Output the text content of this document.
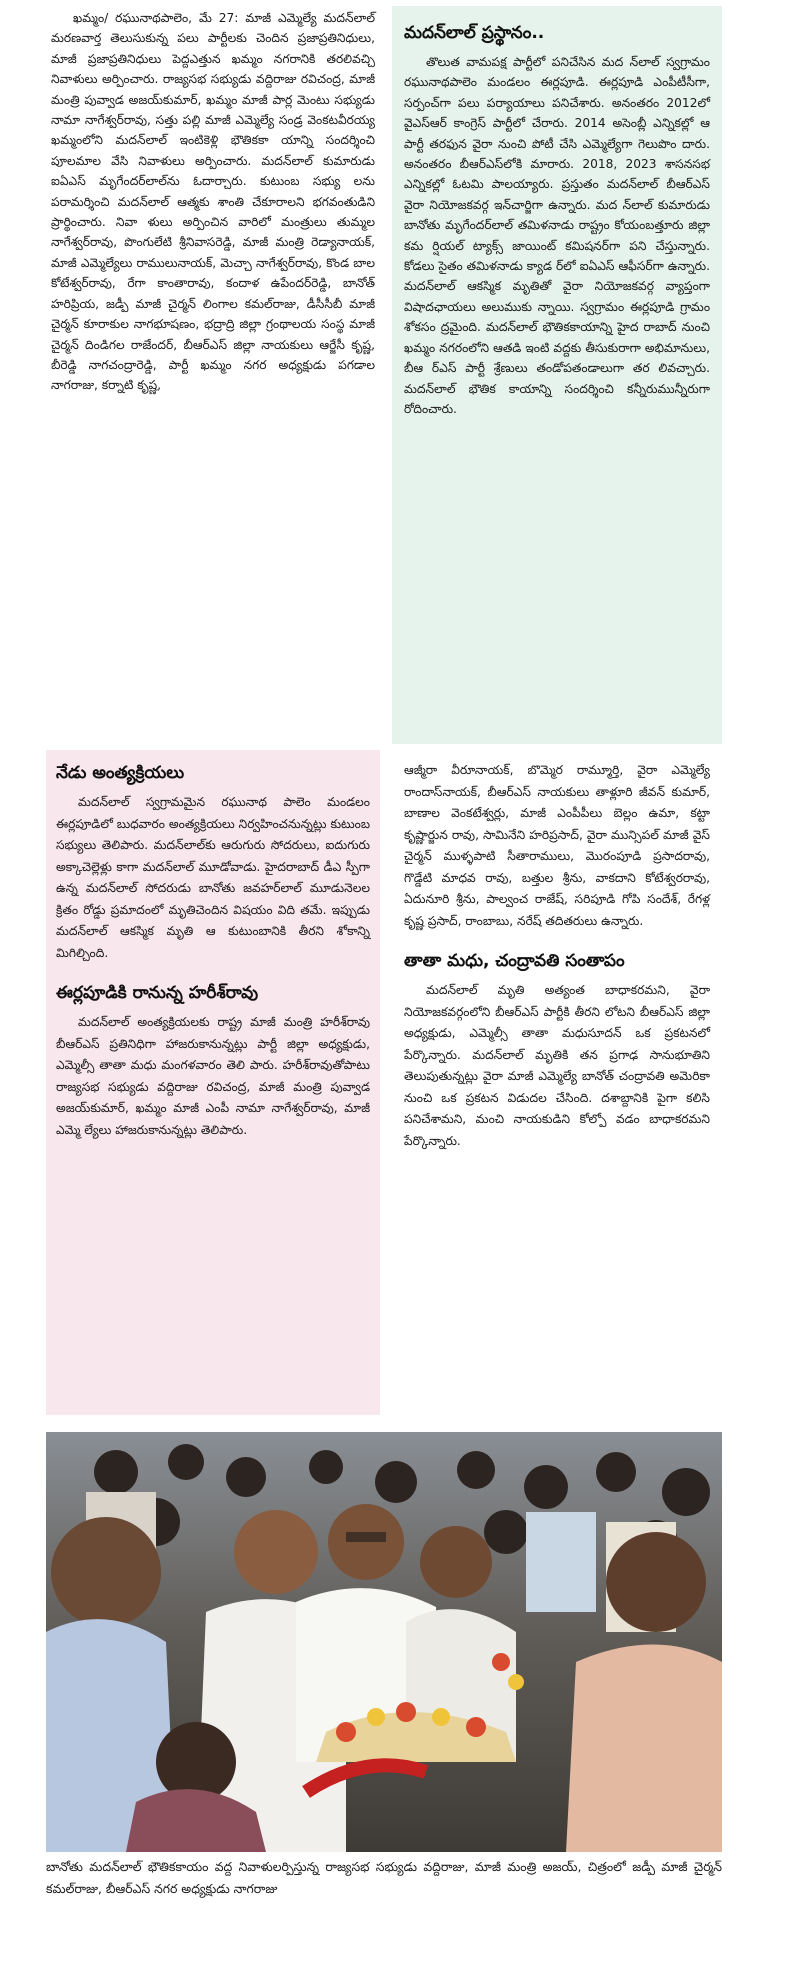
ఖమ్మం/ రఘునాథపాలెం, మే 27: మాజీ ఎమ్మెల్యే మదన్‌లాల్ మరణవార్త తెలుసుకున్న పలు పార్టీలకు చెందిన ప్రజాప్రతినిధులు, మాజీ ప్రజాప్రతినిధులు పెద్దఎత్తున ఖమ్మం నగరానికి తరలివచ్చి నివాళులు అర్పించారు. రాజ్యసభ సభ్యుడు వద్దిరాజు రవిచంద్ర, మాజీ మంత్రి పువ్వాడ అజయ్‌కుమార్, ఖమ్మం మాజీ పార్ల మెంటు సభ్యుడు నామా నాగేశ్వర్‌రావు, సత్తు పల్లి మాజీ ఎమ్మెల్యే సండ్ర వెంకటవీరయ్య ఖమ్మంలోని మదన్‌లాల్ ఇంటికెళ్లి భౌతికకా యాన్ని సందర్శించి పూలమాల వేసి నివాళులు అర్పించారు. మదన్‌లాల్ కుమారుడు ఐఏఎస్ మృగేందర్‌లాల్‌ను ఓదార్చారు. కుటుంబ సభ్యు లను పరామర్శించి మదన్‌లాల్ ఆత్మకు శాంతి చేకూరాలని భగవంతుడిని ప్రార్థించారు. నివా ళులు అర్పించిన వారిలో మంత్రులు తుమ్మల నాగేశ్వర్‌రావు, పొంగులేటి శ్రీనివాసరెడ్డి, మాజీ మంత్రి రెడ్యానాయక్, మాజీ ఎమ్మెల్యేలు రాములునాయక్, మెచ్చా నాగేశ్వర్‌రావు, కొండ బాల కోటేశ్వర్‌రావు, రేగా కాంతారావు, కందాళ ఉపేందర్‌రెడ్డి, బానోత్ హరిప్రియ, జడ్పీ మాజీ చైర్మన్ లింగాల కమల్‌రాజు, డీసీసీబీ మాజీ చైర్మన్ కూరాకుల నాగభూషణం, భద్రాద్రి జిల్లా గ్రంథాలయ సంస్థ మాజీ చైర్మన్ దిండిగల రాజేందర్, బీఆర్‌ఎస్ జిల్లా నాయకులు ఆర్జేసీ కృష్ణ, బీరెడ్డి నాగచంద్రారెడ్డి, పార్టీ ఖమ్మం నగర అధ్యక్షుడు పగడాల నాగరాజు, కర్నాటి కృష్ణ,

మదన్‌లాల్ ప్రస్థానం..

తొలుత వామపక్ష పార్టీలో పనిచేసిన మద న్‌లాల్ స్వగ్రామం రఘునాథపాలెం మండలం ఈర్లపూడి. ఈర్లపూడి ఎంపీటీసీగా, సర్పంచ్‌గా పలు పర్యాయాలు పనిచేశారు. అనంతరం 2012లో వైఎస్‌ఆర్ కాంగ్రెస్ పార్టీలో చేరారు. 2014 అసెంబ్లీ ఎన్నికల్లో ఆ పార్టీ తరఫున వైరా నుంచి పోటీ చేసి ఎమ్మెల్యేగా గెలుపొం దారు. అనంతరం బీఆర్‌ఎస్‌లోకి మారారు. 2018, 2023 శాసనసభ ఎన్నికల్లో ఓటమి పాలయ్యారు. ప్రస్తుతం మదన్‌లాల్ బీఆర్‌ఎస్ వైరా నియోజకవర్గ ఇన్‌చార్జిగా ఉన్నారు. మద న్‌లాల్ కుమారుడు బానోతు మృగేందర్‌లాల్ తమిళనాడు రాష్ట్రం కోయంబత్తూరు జిల్లా కమ ర్షియల్ ట్యాక్స్ జాయింట్ కమిషనర్‌గా పని చేస్తున్నారు. కోడలు సైతం తమిళనాడు క్యాడ ర్‌లో ఐఏఎస్ ఆఫీసర్‌గా ఉన్నారు. మదన్‌లాల్ ఆకస్మిక మృతితో వైరా నియోజకవర్గ వ్యాప్తంగా విషాదఛాయలు అలుముకు న్నాయి. స్వగ్రామం ఈర్లపూడి గ్రామం శోకసం ద్రమైంది. మదన్‌లాల్ భౌతికకాయాన్ని హైద రాబాద్ నుంచి ఖమ్మం నగరంలోని ఆతడి ఇంటి వద్దకు తీసుకురాగా అభిమానులు, బీఆ ర్‌ఎస్ పార్టీ శ్రేణులు తండోపతండాలుగా తర లివచ్చారు. మదన్‌లాల్ భౌతిక కాయాన్ని సందర్శించి కన్నీరుమున్నీరుగా రోదించారు.

నేడు అంత్యక్రియలు

మదన్‌లాల్ స్వగ్రామమైన రఘునాథ పాలెం మండలం ఈర్లపూడిలో బుధవారం అంత్యక్రియలు నిర్వహించనున్నట్లు కుటుంబ సభ్యులు తెలిపారు. మదన్‌లాల్‌కు ఆరుగురు సోదరులు, ఐదుగురు అక్కాచెల్లెళ్లు కాగా మదన్‌లాల్ మూడోవాడు. హైదరాబాద్ డీఎ స్పీగా ఉన్న మదన్‌లాల్ సోదరుడు బానోతు జవహర్‌లాల్ మూడునెలల క్రితం రోడ్డు ప్రమాదంలో మృతిచెందిన విషయం విది తమే. ఇప్పుడు మదన్‌లాల్ ఆకస్మిక మృతి ఆ కుటుంబానికి తీరని శోకాన్ని మిగిల్చింది.

ఈర్లపూడికి రానున్న హరీశ్‌రావు

మదన్‌లాల్ అంత్యక్రియలకు రాష్ట్ర మాజీ మంత్రి హరీశ్‌రావు బీఆర్‌ఎస్ ప్రతినిధిగా హాజరుకానున్నట్లు పార్టీ జిల్లా అధ్యక్షుడు, ఎమ్మెల్సీ తాతా మధు మంగళవారం తెలి పారు. హరీశ్‌రావుతోపాటు రాజ్యసభ సభ్యుడు వద్దిరాజు రవిచంద్ర, మాజీ మంత్రి పువ్వాడ అజయ్‌కుమార్, ఖమ్మం మాజీ ఎంపీ నామా నాగేశ్వర్‌రావు, మాజీ ఎమ్మె ల్యేలు హాజరుకానున్నట్లు తెలిపారు.

ఆజ్మీరా వీరూనాయక్, బొమ్మెర రామ్మూర్తి, వైరా ఎమ్మెల్యే రాందాస్‌నాయక్, బీఆర్‌ఎస్ నాయకులు తాళ్లూరి జీవన్ కుమార్, బాణాల వెంకటేశ్వర్లు, మాజీ ఎంపీపీలు బెల్లం ఉమా, కట్టా కృష్ణార్జున రావు, సామినేని హరిప్రసాద్, వైరా మున్సిపల్ మాజీ వైస్ చైర్మన్ ముళ్ళపాటి సీతారాములు, మొరంపూడి ప్రసాదరావు, గొడ్డేటి మాధవ రావు, బత్తుల శ్రీను, వాకదాని కోటేశ్వరరావు, ఏదునూరి శ్రీను, పాల్వంచ రాజేష్, సరిపూడి గోపి సందేశ్, రేగళ్ల కృష్ణ ప్రసాద్, రాంబాబు, నరేష్ తదితరులు ఉన్నారు.

తాతా మధు, చంద్రావతి సంతాపం

మదన్‌లాల్ మృతి అత్యంత బాధాకరమని, వైరా నియోజకవర్గంలోని బీఆర్‌ఎస్ పార్టీకి తీరని లోటని బీఆర్‌ఎస్ జిల్లా అధ్యక్షుడు, ఎమ్మెల్సీ తాతా మధుసూదన్ ఒక ప్రకటనలో పేర్కొన్నారు. మదన్‌లాల్ మృతికి తన ప్రగాఢ సానుభూతిని తెలుపుతున్నట్లు వైరా మాజీ ఎమ్మెల్యే బానోత్ చంద్రావతి అమెరికా నుంచి ఒక ప్రకటన విడుదల చేసింది. దశాబ్దానికి పైగా కలిసి పనిచేశామని, మంచి నాయకుడిని కోల్పో వడం బాధాకరమని పేర్కొన్నారు.

బానోతు మదన్‌లాల్ భౌతికకాయం వద్ద నివాళులర్పిస్తున్న రాజ్యసభ సభ్యుడు వద్దిరాజు, మాజీ మంత్రి అజయ్, చిత్రంలో జడ్పీ మాజీ చైర్మన్ కమల్‌రాజు, బీఆర్‌ఎస్ నగర అధ్యక్షుడు నాగరాజు
